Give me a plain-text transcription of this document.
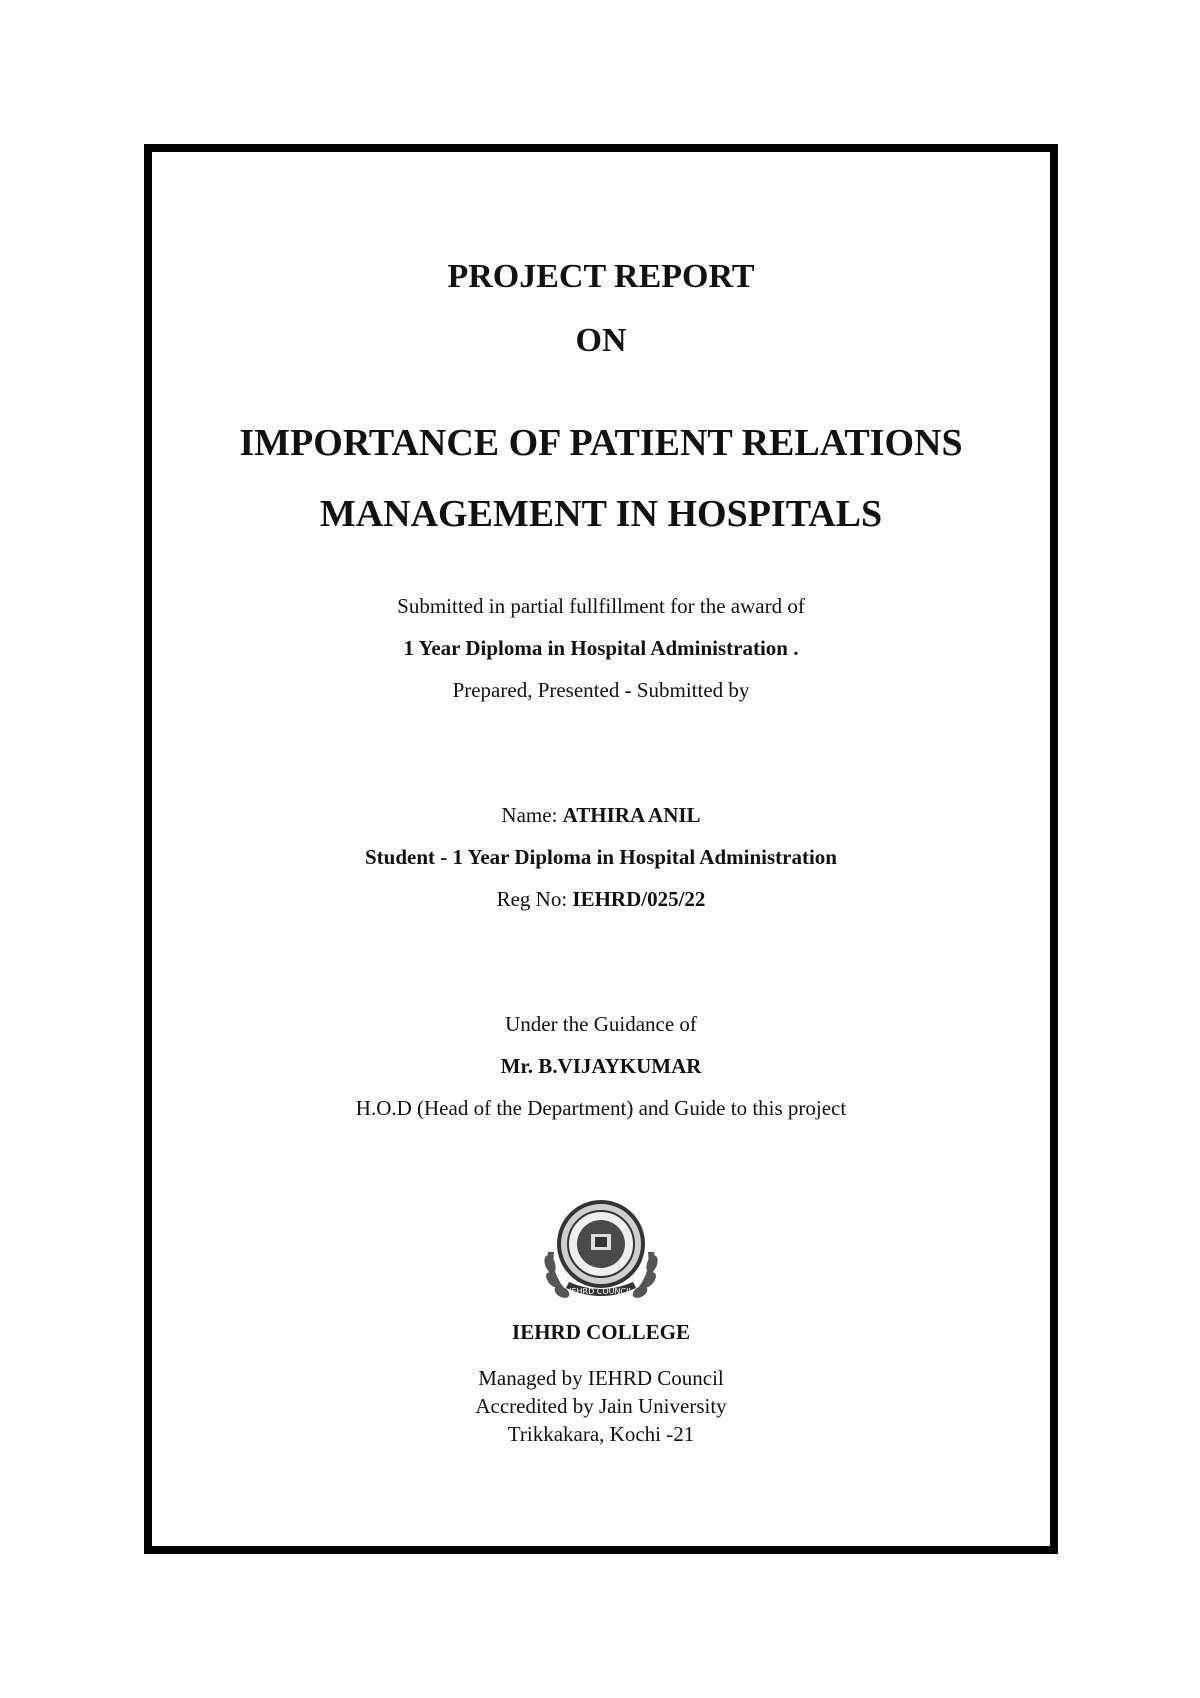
PROJECT REPORT
ON
IMPORTANCE OF PATIENT RELATIONS
MANAGEMENT IN HOSPITALS
Submitted in partial fullfillment for the award of
1 Year Diploma in Hospital Administration .
Prepared, Presented - Submitted by
Name: ATHIRA ANIL
Student - 1 Year Diploma in Hospital Administration
Reg No: IEHRD/025/22
Under the Guidance of
Mr. B.VIJAYKUMAR
H.O.D (Head of the Department) and Guide to this project
IEHRD COUNCIL
IEHRD COLLEGE
Managed by IEHRD Council
Accredited by Jain University
Trikkakara, Kochi -21
